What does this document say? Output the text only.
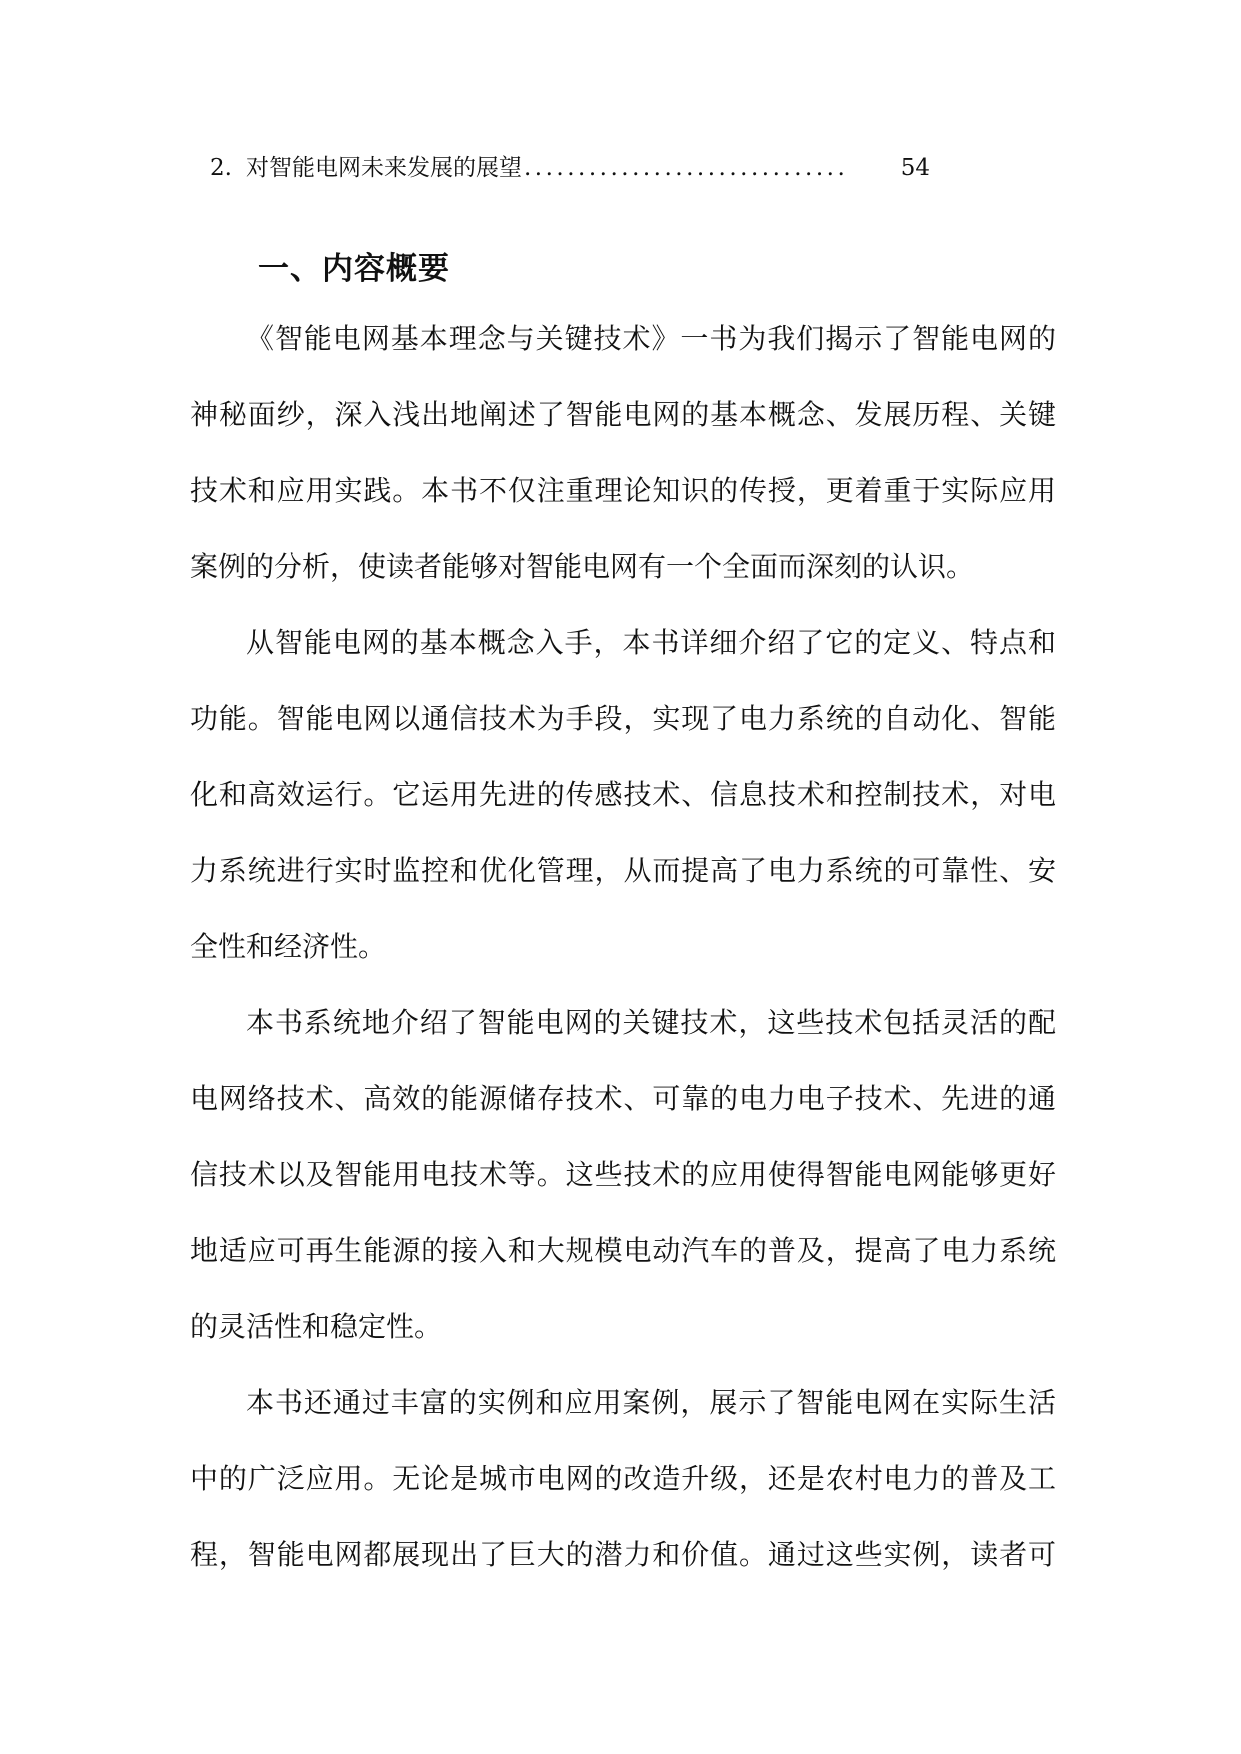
2. 对智能电网未来发展的展望 ..............................	54
一、内容概要

《智能电网基本理念与关键技术》一书为我们揭示了智能电网的
神秘面纱，深入浅出地阐述了智能电网的基本概念、发展历程、关键
技术和应用实践。本书不仅注重理论知识的传授，更着重于实际应用
案例的分析，使读者能够对智能电网有一个全面而深刻的认识。

从智能电网的基本概念入手，本书详细介绍了它的定义、特点和
功能。智能电网以通信技术为手段，实现了电力系统的自动化、智能
化和高效运行。它运用先进的传感技术、信息技术和控制技术，对电
力系统进行实时监控和优化管理，从而提高了电力系统的可靠性、安
全性和经济性。

本书系统地介绍了智能电网的关键技术，这些技术包括灵活的配
电网络技术、高效的能源储存技术、可靠的电力电子技术、先进的通
信技术以及智能用电技术等。这些技术的应用使得智能电网能够更好
地适应可再生能源的接入和大规模电动汽车的普及，提高了电力系统
的灵活性和稳定性。

本书还通过丰富的实例和应用案例，展示了智能电网在实际生活
中的广泛应用。无论是城市电网的改造升级，还是农村电力的普及工
程，智能电网都展现出了巨大的潜力和价值。通过这些实例，读者可
